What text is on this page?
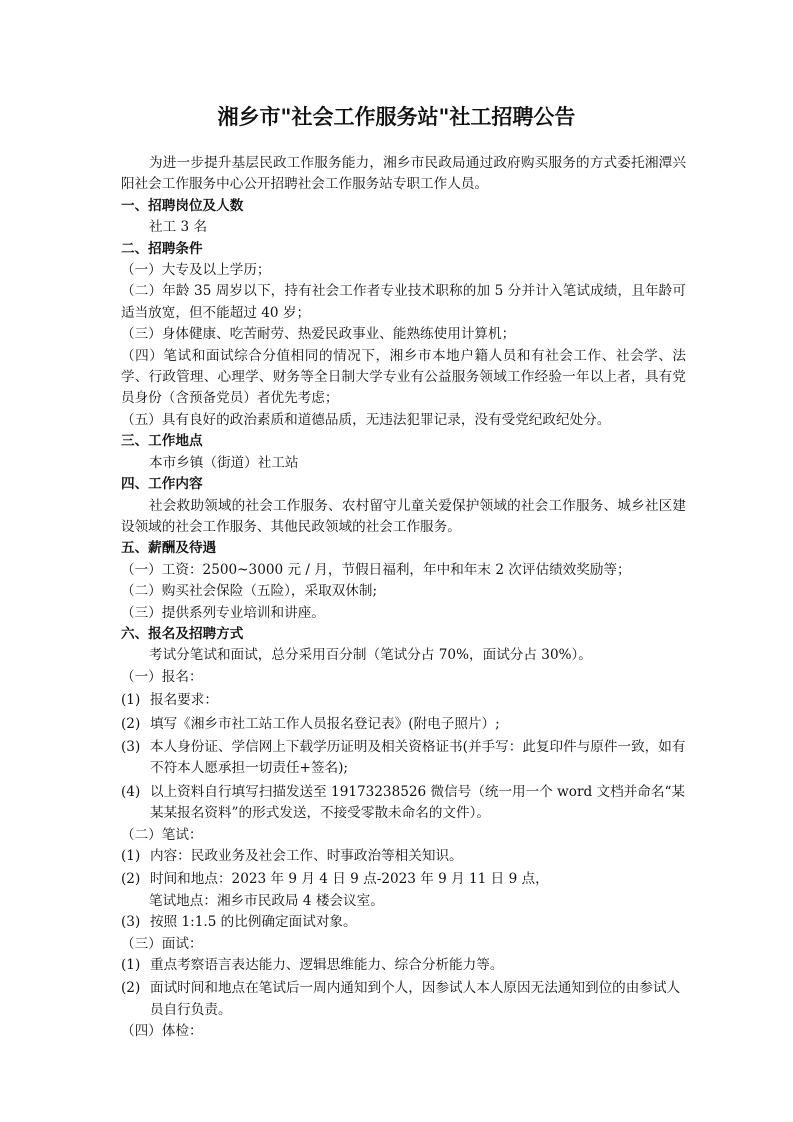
湘乡市"社会工作服务站"社工招聘公告

为进一步提升基层民政工作服务能力，湘乡市民政局通过政府购买服务的方式委托湘潭兴阳社会工作服务中心公开招聘社会工作服务站专职工作人员。

一、招聘岗位及人数

社工 3 名

二、招聘条件

（一）大专及以上学历；

（二）年龄 35 周岁以下，持有社会工作者专业技术职称的加 5 分并计入笔试成绩，且年龄可适当放宽，但不能超过 40 岁；

（三）身体健康、吃苦耐劳、热爱民政事业、能熟练使用计算机；

（四）笔试和面试综合分值相同的情况下，湘乡市本地户籍人员和有社会工作、社会学、法学、行政管理、心理学、财务等全日制大学专业有公益服务领域工作经验一年以上者，具有党员身份（含预备党员）者优先考虑；

（五）具有良好的政治素质和道德品质，无违法犯罪记录，没有受党纪政纪处分。

三、工作地点

本市乡镇（街道）社工站

四、工作内容

社会救助领域的社会工作服务、农村留守儿童关爱保护领域的社会工作服务、城乡社区建设领域的社会工作服务、其他民政领域的社会工作服务。

五、薪酬及待遇

（一）工资：2500~3000 元 / 月，节假日福利，年中和年末 2 次评估绩效奖励等；

（二）购买社会保险（五险），采取双休制;

（三）提供系列专业培训和讲座。

六、报名及招聘方式

考试分笔试和面试，总分采用百分制（笔试分占 70%，面试分占 30%）。

（一）报名：

(1) 报名要求：
(2) 填写《湘乡市社工站工作人员报名登记表》(附电子照片）;
(3) 本人身份证、学信网上下载学历证明及相关资格证书(并手写：此复印件与原件一致，如有不符本人愿承担一切责任+签名);
(4) 以上资料自行填写扫描发送至 19173238526 微信号（统一用一个 word 文档并命名“某某某报名资料”的形式发送，不接受零散未命名的文件）。

（二）笔试：

(1) 内容：民政业务及社会工作、时事政治等相关知识。
(2) 时间和地点：2023 年 9 月 4 日 9 点-2023 年 9 月 11 日 9 点，

笔试地点：湘乡市民政局 4 楼会议室。

(3) 按照 1:1.5 的比例确定面试对象。

（三）面试：

(1) 重点考察语言表达能力、逻辑思维能力、综合分析能力等。
(2) 面试时间和地点在笔试后一周内通知到个人，因参试人本人原因无法通知到位的由参试人员自行负责。

（四）体检：
